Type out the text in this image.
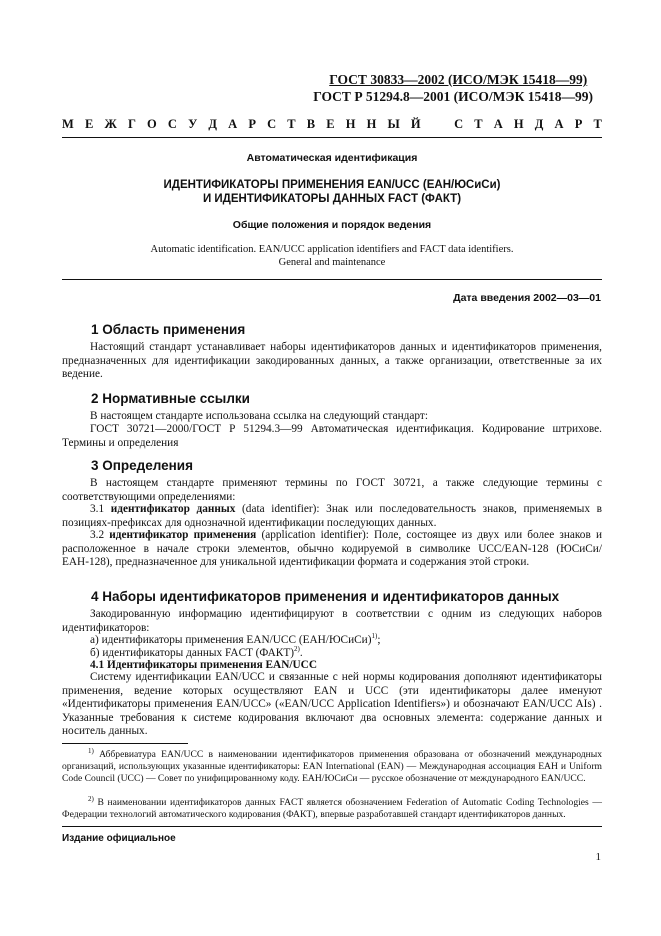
ГОСТ 30833—2002 (ИСО/МЭК 15418—99)
ГОСТ Р 51294.8—2001 (ИСО/МЭК 15418—99)
М Е Ж Г О С У Д А Р С Т В Е Н Н Ы Й	С Т А Н Д А Р Т
Автоматическая идентификация
ИДЕНТИФИКАТОРЫ ПРИМЕНЕНИЯ EAN/UCC (ЕАН/ЮСиСи)
И ИДЕНТИФИКАТОРЫ ДАННЫХ FACT (ФАКТ)
Общие положения и порядок ведения
Automatic identification. EAN/UCC application identifiers and FACT data identifiers.
General and maintenance
Дата введения 2002—03—01
1 Область применения
Настоящий стандарт устанавливает наборы идентификаторов данных и идентификаторов применения, предназначенных для идентификации закодированных данных, а также организации, ответственные за их ведение.
2 Нормативные ссылки
В настоящем стандарте использована ссылка на следующий стандарт:
ГОСТ 30721—2000/ГОСТ Р 51294.3—99 Автоматическая идентификация. Кодирование штрихове. Термины и определения
3 Определения
В настоящем стандарте применяют термины по ГОСТ 30721, а также следующие термины с соответствующими определениями:
3.1 идентификатор данных (data identifier): Знак или последовательность знаков, применяемых в позициях-префиксах для однозначной идентификации последующих данных.
3.2 идентификатор применения (application identifier): Поле, состоящее из двух или более знаков и расположенное в начале строки элементов, обычно кодируемой в символике UCC/EAN-128 (ЮСиСи/ЕАН-128), предназначенное для уникальной идентификации формата и содержания этой строки.
4 Наборы идентификаторов применения и идентификаторов данных
Закодированную информацию идентифицируют в соответствии с одним из следующих наборов идентификаторов:
а) идентификаторы применения EAN/UCC (ЕАН/ЮСиСи)$^{1)}$;
б) идентификаторы данных FACT (ФАКТ)$^{2)}$.
4.1 Идентификаторы применения EAN/UCC
Систему идентификации EAN/UCC и связанные с ней нормы кодирования дополняют идентификаторы применения, ведение которых осуществляют EAN и UCC (эти идентификаторы далее именуют «Идентификаторы применения EAN/UCC» («EAN/UCC Application Identifiers») и обозначают EAN/UCC AIs) . Указанные требования к системе кодирования включают два основных элемента: содержание данных и носитель данных.
$^{1)}$ Аббревиатура EAN/UCC в наименовании идентификаторов применения образована от обозначений международных организаций, использующих указанные идентификаторы: EAN International (EAN) — Международная ассоциация ЕАН и Uniform Code Council (UCC) — Совет по унифицированному коду. ЕАН/ЮСиСи — русское обозначение от международного EAN/UCC.
$^{2)}$ В наименовании идентификаторов данных FACT является обозначением Federation of Automatic Coding Technologies — Федерации технологий автоматического кодирования (ФАКТ), впервые разработавшей стандарт идентификаторов данных.
Издание официальное
1
